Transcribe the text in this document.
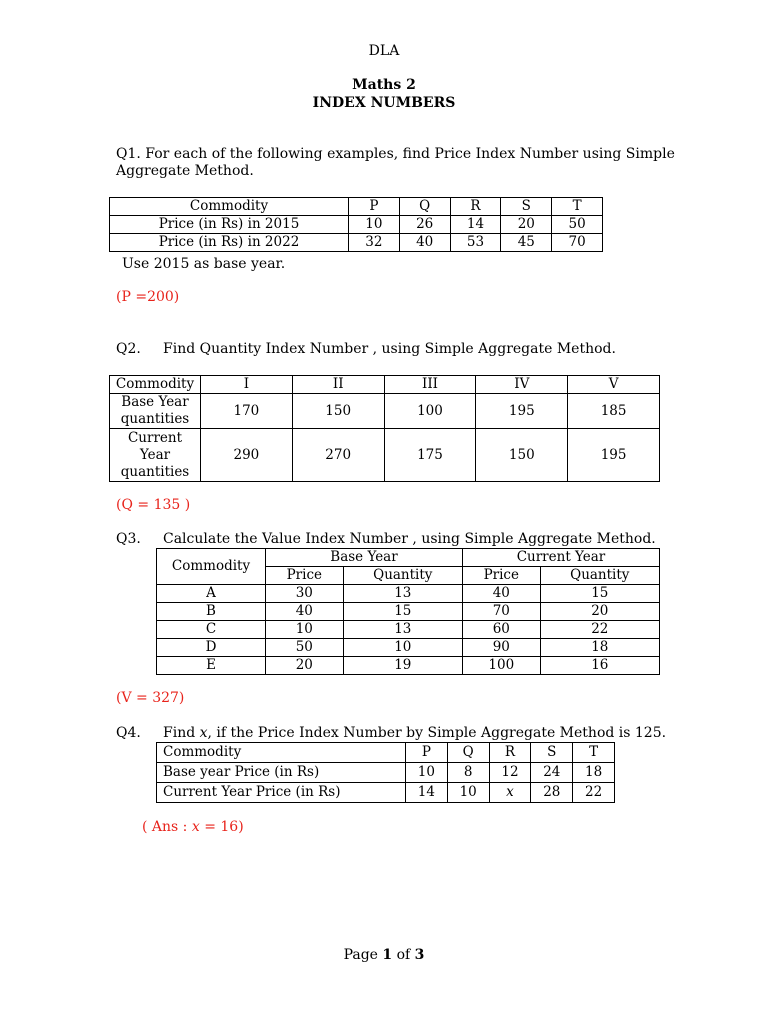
DLA
Maths 2
INDEX NUMBERS
Q1. For each of the following examples, find Price Index Number using Simple
Aggregate Method.
Commodity	P	Q	R	S	T
Price (in Rs) in 2015	10	26	14	20	50
Price (in Rs) in 2022	32	40	53	45	70
Use 2015 as base year.
(P =200)
Q2. Find Quantity Index Number , using Simple Aggregate Method.
Commodity	I	II	III	IV	V
Base Year
quantities	170	150	100	195	185
Current
Year
quantities	290	270	175	150	195
(Q = 135 )
Q3. Calculate the Value Index Number , using Simple Aggregate Method.
Commodity	Base Year		Current Year	
	Price	Quantity	Price	Quantity
A	30	13	40	15
B	40	15	70	20
C	10	13	60	22
D	50	10	90	18
E	20	19	100	16
(V = 327)
Q4. Find x, if the Price Index Number by Simple Aggregate Method is 125.
Commodity	P	Q	R	S	T
Base year Price (in Rs)	10	8	12	24	18
Current Year Price (in Rs)	14	10	x	28	22
( Ans : x = 16)
Page 1 of 3
